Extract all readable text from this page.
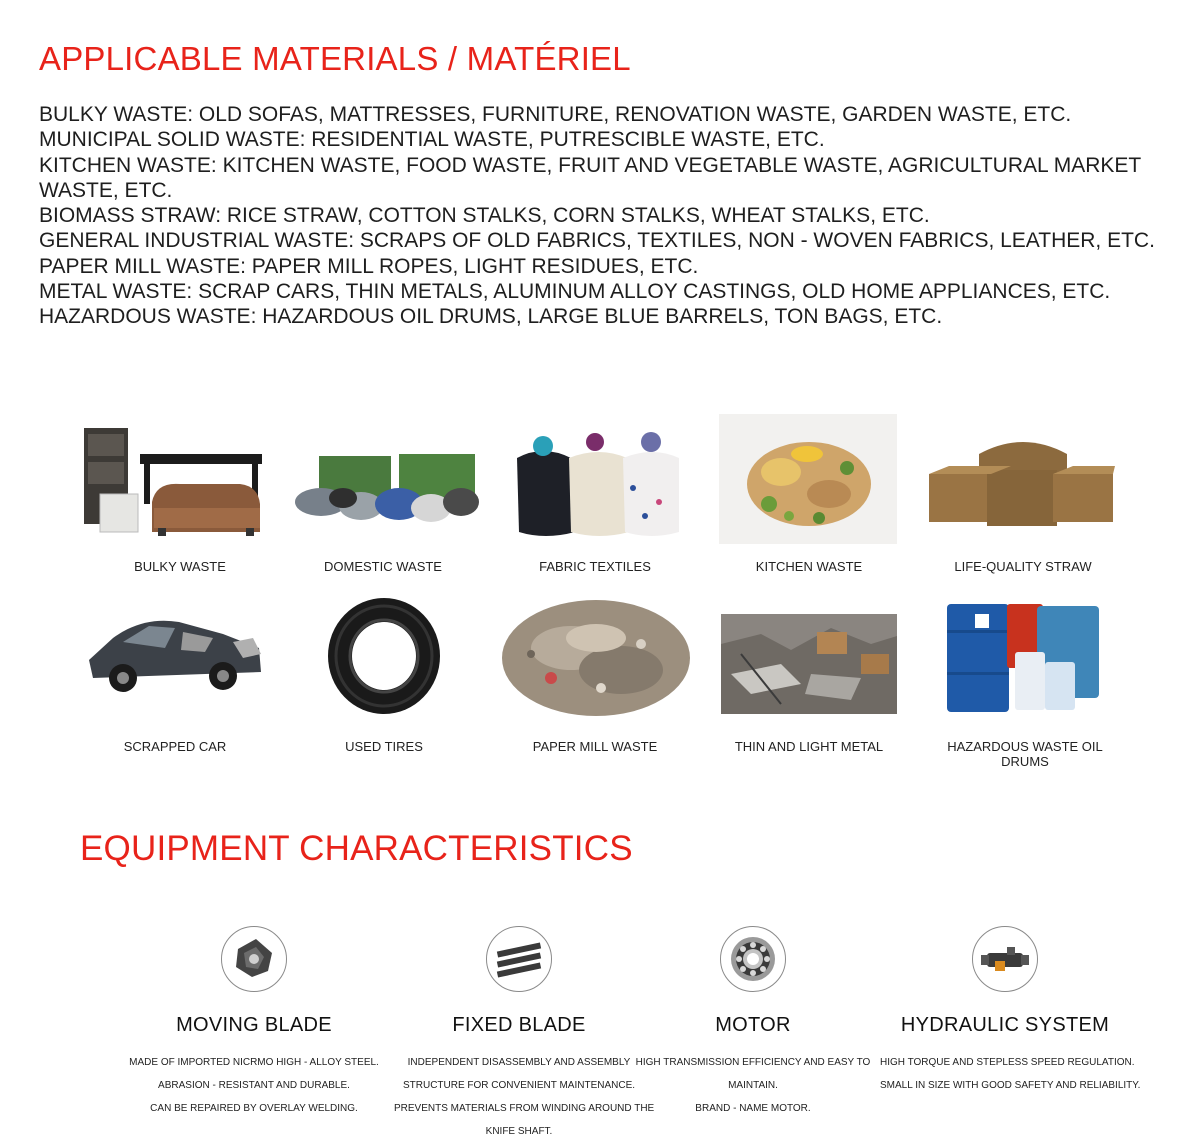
APPLICABLE MATERIALS / MATÉRIEL
BULKY WASTE: OLD SOFAS, MATTRESSES, FURNITURE, RENOVATION WASTE, GARDEN WASTE, ETC.
MUNICIPAL SOLID WASTE: RESIDENTIAL WASTE, PUTRESCIBLE WASTE, ETC.
KITCHEN WASTE: KITCHEN WASTE, FOOD WASTE, FRUIT AND VEGETABLE WASTE, AGRICULTURAL MARKET WASTE, ETC.
BIOMASS STRAW: RICE STRAW, COTTON STALKS, CORN STALKS, WHEAT STALKS, ETC.
GENERAL INDUSTRIAL WASTE: SCRAPS OF OLD FABRICS, TEXTILES, NON - WOVEN FABRICS, LEATHER, ETC.
PAPER MILL WASTE: PAPER MILL ROPES, LIGHT RESIDUES, ETC.
METAL WASTE: SCRAP CARS, THIN METALS, ALUMINUM ALLOY CASTINGS, OLD HOME APPLIANCES, ETC.
HAZARDOUS WASTE: HAZARDOUS OIL DRUMS, LARGE BLUE BARRELS, TON BAGS, ETC.
BULKY WASTE	DOMESTIC WASTE	FABRIC TEXTILES	KITCHEN WASTE	LIFE-QUALITY STRAW
SCRAPPED CAR	USED TIRES	PAPER MILL WASTE	THIN AND LIGHT METAL	HAZARDOUS WASTE OIL DRUMS
EQUIPMENT CHARACTERISTICS
MOVING BLADE
MADE OF IMPORTED NICRMO HIGH - ALLOY STEEL.
ABRASION - RESISTANT AND DURABLE.
CAN BE REPAIRED BY OVERLAY WELDING.
FIXED BLADE
INDEPENDENT DISASSEMBLY AND ASSEMBLY
STRUCTURE FOR CONVENIENT MAINTENANCE.
PREVENTS MATERIALS FROM WINDING AROUND THE
KNIFE SHAFT.
MOTOR
HIGH TRANSMISSION EFFICIENCY AND EASY TO
MAINTAIN.
BRAND - NAME MOTOR.
HYDRAULIC SYSTEM
HIGH TORQUE AND STEPLESS SPEED REGULATION.
SMALL IN SIZE WITH GOOD SAFETY AND RELIABILITY.
